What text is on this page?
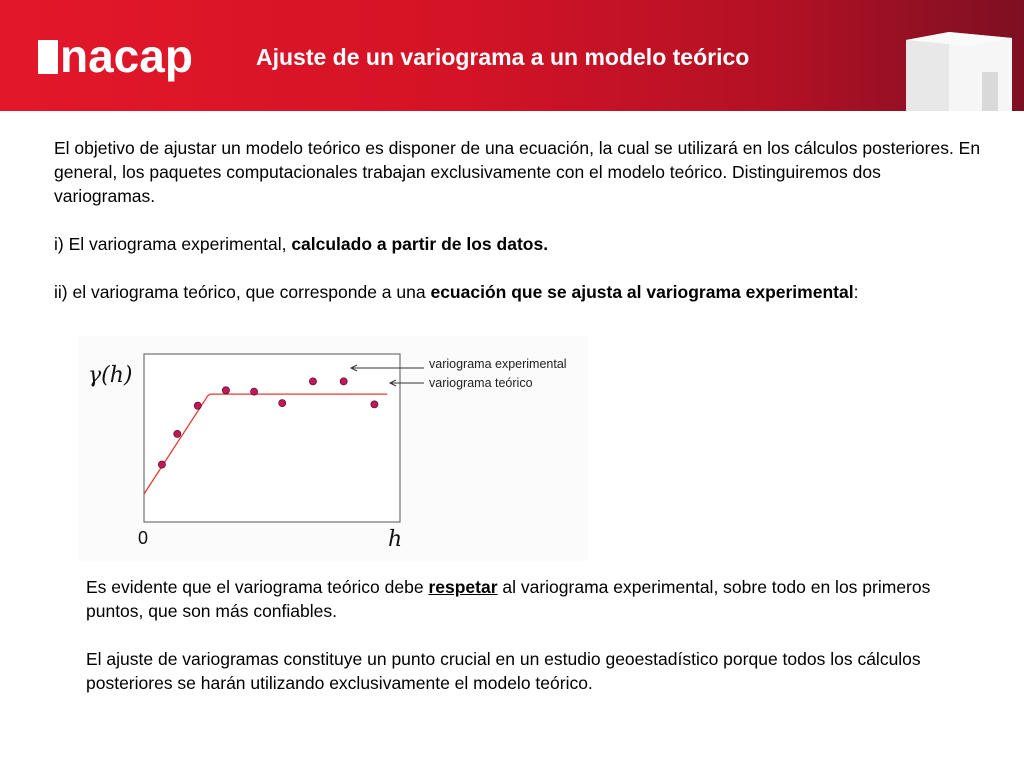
nacap	Ajuste de un variograma a un modelo teórico

El objetivo de ajustar un modelo teórico es disponer de una ecuación, la cual se utilizará en los cálculos posteriores. En general, los paquetes computacionales trabajan exclusivamente con el modelo teórico. Distinguiremos dos variogramas.

i) El variograma experimental, calculado a partir de los datos.

ii) el variograma teórico, que corresponde a una ecuación que se ajusta al variograma experimental:

γ(h)
0	h
variograma experimental
variograma teórico

Es evidente que el variograma teórico debe respetar al variograma experimental, sobre todo en los primeros puntos, que son más confiables.

El ajuste de variogramas constituye un punto crucial en un estudio geoestadístico porque todos los cálculos posteriores se harán utilizando exclusivamente el modelo teórico.
